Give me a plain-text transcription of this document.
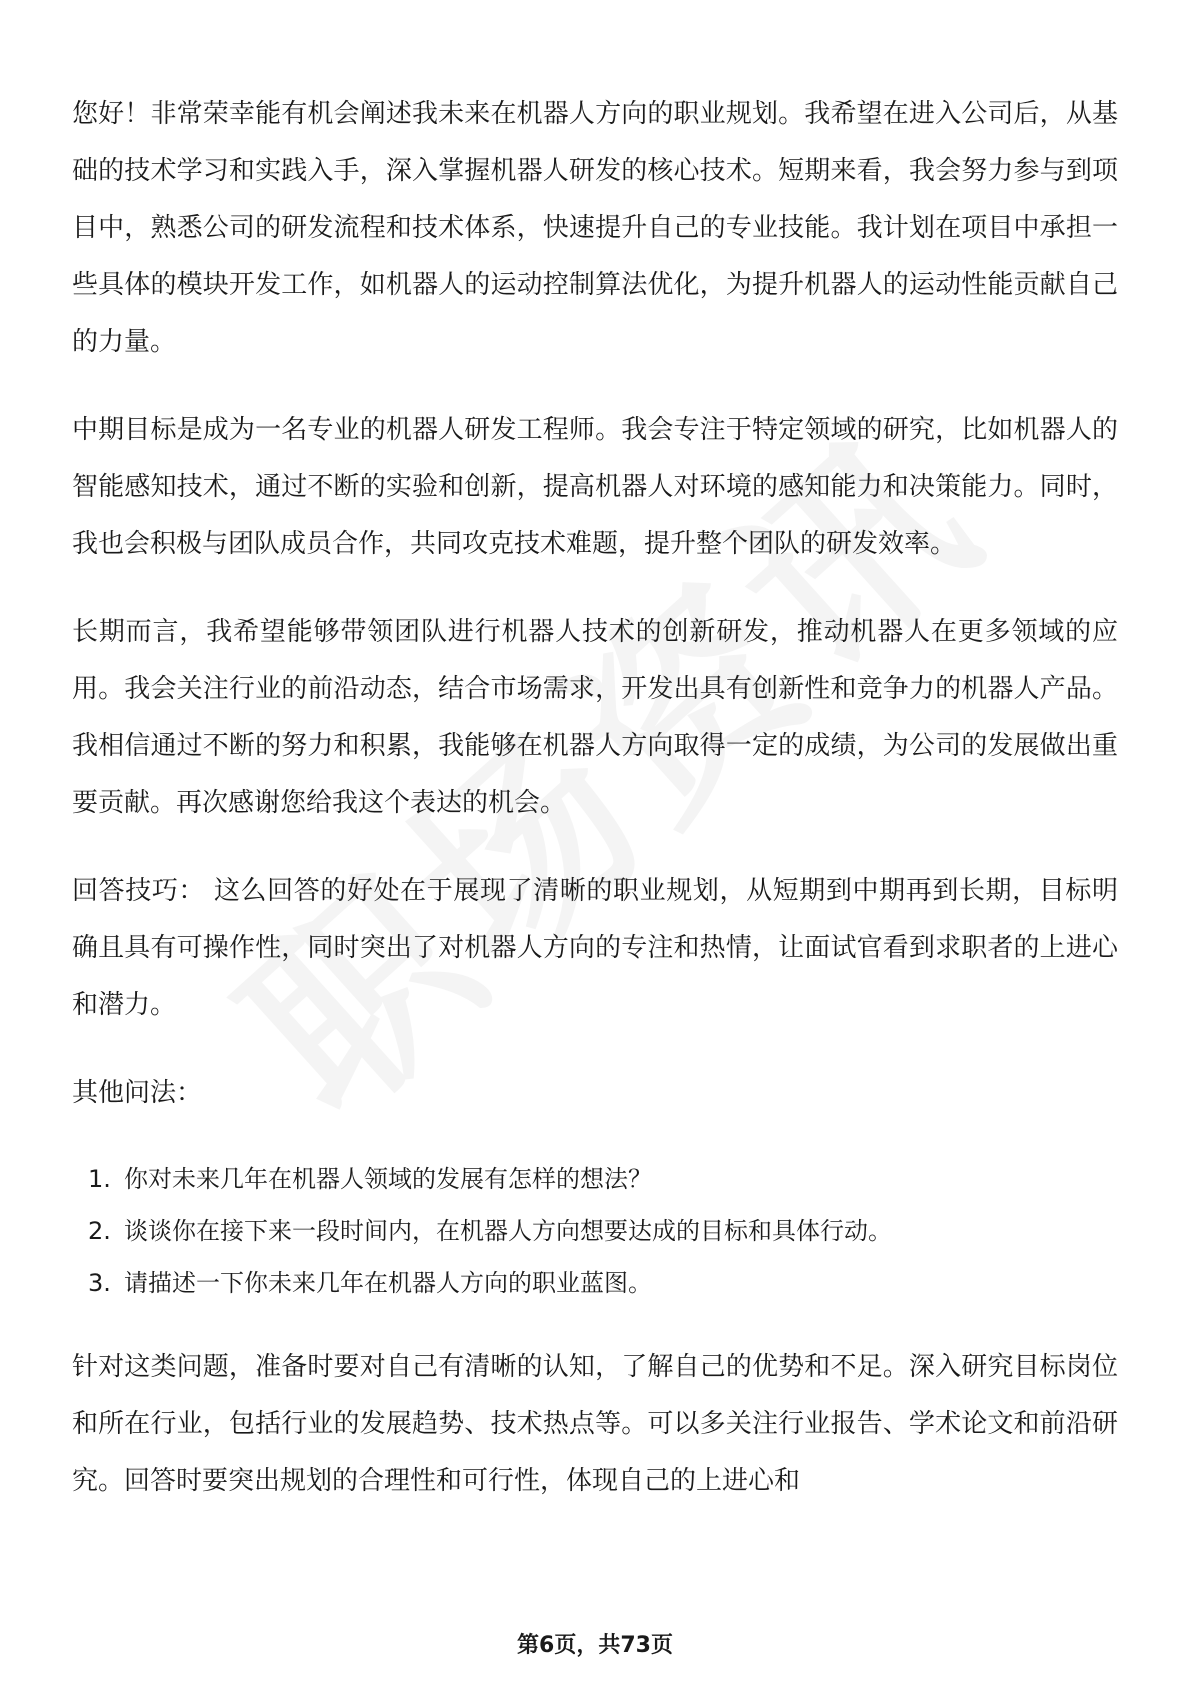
您好！非常荣幸能有机会阐述我未来在机器人方向的职业规划。我希望在进入公司后，从基础的技术学习和实践入手，深入掌握机器人研发的核心技术。短期来看，我会努力参与到项目中，熟悉公司的研发流程和技术体系，快速提升自己的专业技能。我计划在项目中承担一些具体的模块开发工作，如机器人的运动控制算法优化，为提升机器人的运动性能贡献自己的力量。

中期目标是成为一名专业的机器人研发工程师。我会专注于特定领域的研究，比如机器人的智能感知技术，通过不断的实验和创新，提高机器人对环境的感知能力和决策能力。同时，我也会积极与团队成员合作，共同攻克技术难题，提升整个团队的研发效率。

长期而言，我希望能够带领团队进行机器人技术的创新研发，推动机器人在更多领域的应用。我会关注行业的前沿动态，结合市场需求，开发出具有创新性和竞争力的机器人产品。我相信通过不断的努力和积累，我能够在机器人方向取得一定的成绩，为公司的发展做出重要贡献。再次感谢您给我这个表达的机会。

回答技巧： 这么回答的好处在于展现了清晰的职业规划，从短期到中期再到长期，目标明确且具有可操作性，同时突出了对机器人方向的专注和热情，让面试官看到求职者的上进心和潜力。

其他问法：

1. 你对未来几年在机器人领域的发展有怎样的想法？
2. 谈谈你在接下来一段时间内，在机器人方向想要达成的目标和具体行动。
3. 请描述一下你未来几年在机器人方向的职业蓝图。

针对这类问题，准备时要对自己有清晰的认知，了解自己的优势和不足。深入研究目标岗位和所在行业，包括行业的发展趋势、技术热点等。可以多关注行业报告、学术论文和前沿研究。回答时要突出规划的合理性和可行性，体现自己的上进心和

第6页，共73页
